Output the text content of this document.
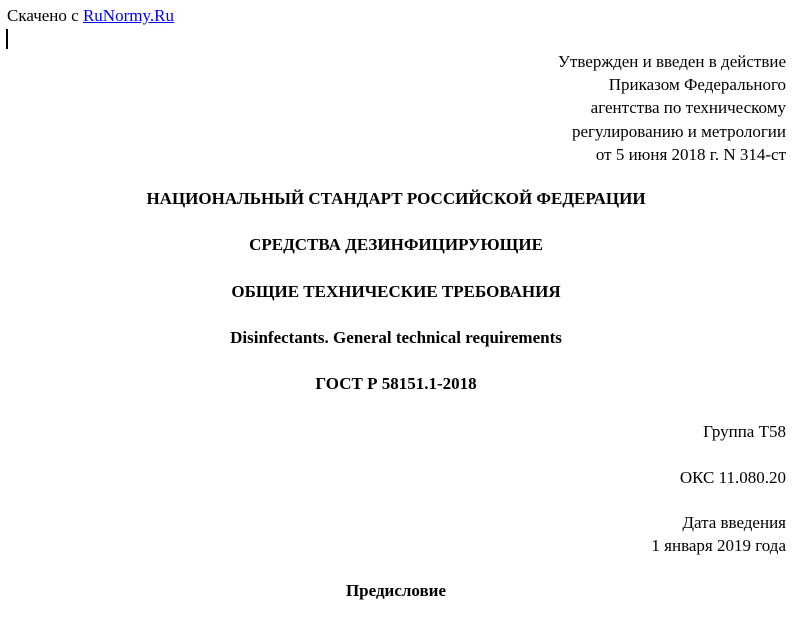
Скачено с RuNormy.Ru
Утвержден и введен в действие
Приказом Федерального
агентства по техническому
регулированию и метрологии
от 5 июня 2018 г. N 314-ст
НАЦИОНАЛЬНЫЙ СТАНДАРТ РОССИЙСКОЙ ФЕДЕРАЦИИ
СРЕДСТВА ДЕЗИНФИЦИРУЮЩИЕ
ОБЩИЕ ТЕХНИЧЕСКИЕ ТРЕБОВАНИЯ
Disinfectants. General technical requirements
ГОСТ Р 58151.1-2018
Группа Т58
ОКС 11.080.20
Дата введения
1 января 2019 года
Предисловие
